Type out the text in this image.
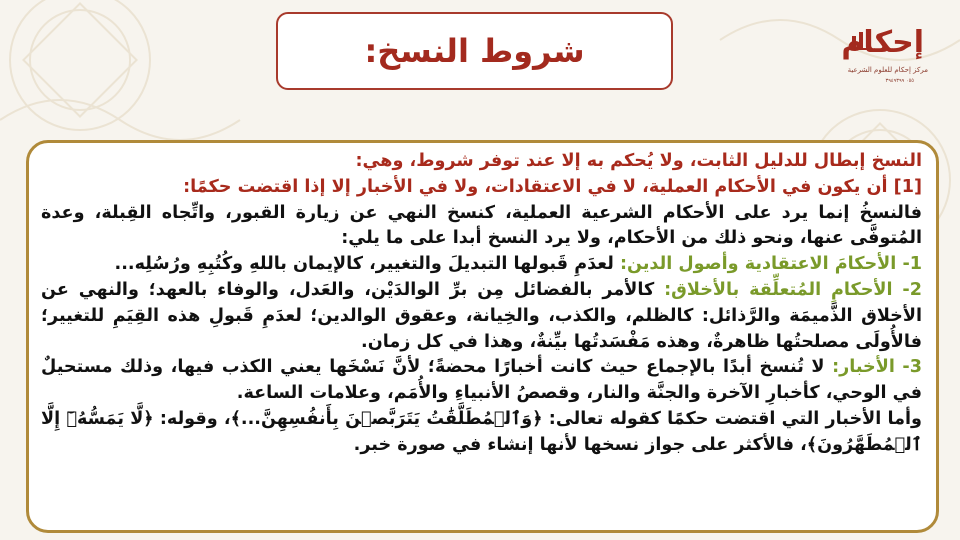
شروط النسخ:	إحكام
مركز إحكام للعلوم الشرعية
٠٥٥ ٣٩٤٩٣٩٩

النسخ إبطال للدليل الثابت، ولا يُحكم به إلا عند توفر شروط، وهي:

[1] أن يكون في الأحكام العملية، لا في الاعتقادات، ولا في الأخبار إلا إذا اقتضت حكمًا:

فالنسخُ إنما يرد على الأحكام الشرعية العملية، كنسخ النهي عن زيارة القبور، واتِّجاه القِبلة، وعدة المُتوفَّى عنها، ونحو ذلك من الأحكام، ولا يرد النسخ أبدا على ما يلي:

1- الأحكامَ الاعتقادية وأصول الدين: لعدَمِ قَبولها التبديلَ والتغيير، كالإيمان باللهِ وكُتُبِهِ ورُسُلِه...

2- الأحكامِ المُتعلِّقة بالأخلاق: كالأمر بالفضائل مِن برِّ الوالدَيْن، والعَدل، والوفاء بالعهد؛ والنهي عن الأخلاق الذَّميمَة والرَّذائل: كالظلم، والكذب، والخِيانة، وعقوق الوالدين؛ لعدَمِ قَبولِ هذه القِيَمِ للتغيير؛ فالأُولَى مصلحتُها ظاهرةٌ، وهذه مَفْسَدتُها بيِّنةٌ، وهذا في كل زمان.

3- الأخبار: لا تُنسخ أبدًا بالإجماع حيث كانت أخبارًا محضةً؛ لأنَّ نَسْخَها يعني الكذب فيها، وذلك مستحيلٌ في الوحي، كأخبارِ الآخرة والجنَّة والنار، وقصصُ الأنبياءِ والأُمَم، وعلامات الساعة.

وأما الأخبار التي اقتضت حكمًا كقوله تعالى: ﴿وَٱلۡمُطَلَّقَٰتُ يَتَرَبَّصۡنَ بِأَنفُسِهِنَّ...﴾، وقوله: ﴿لَّا يَمَسُّهُۥٓ إِلَّا ٱلۡمُطَهَّرُونَ﴾، فالأكثر على جواز نسخها لأنها إنشاء في صورة خبر.
